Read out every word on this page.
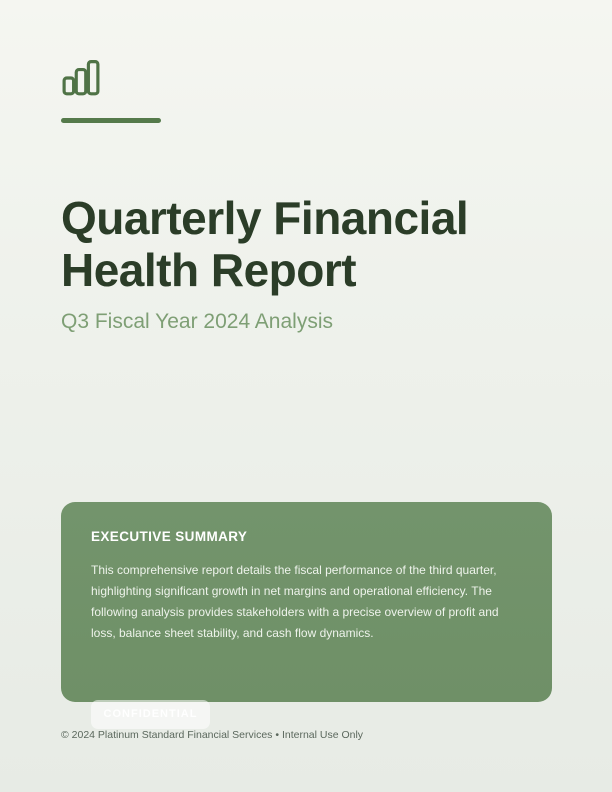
Quarterly Financial Health Report
Q3 Fiscal Year 2024 Analysis
EXECUTIVE SUMMARY
This comprehensive report details the fiscal performance of the third quarter, highlighting significant growth in net margins and operational efficiency. The following analysis provides stakeholders with a precise overview of profit and loss, balance sheet stability, and cash flow dynamics.
CONFIDENTIAL
© 2024 Platinum Standard Financial Services • Internal Use Only
